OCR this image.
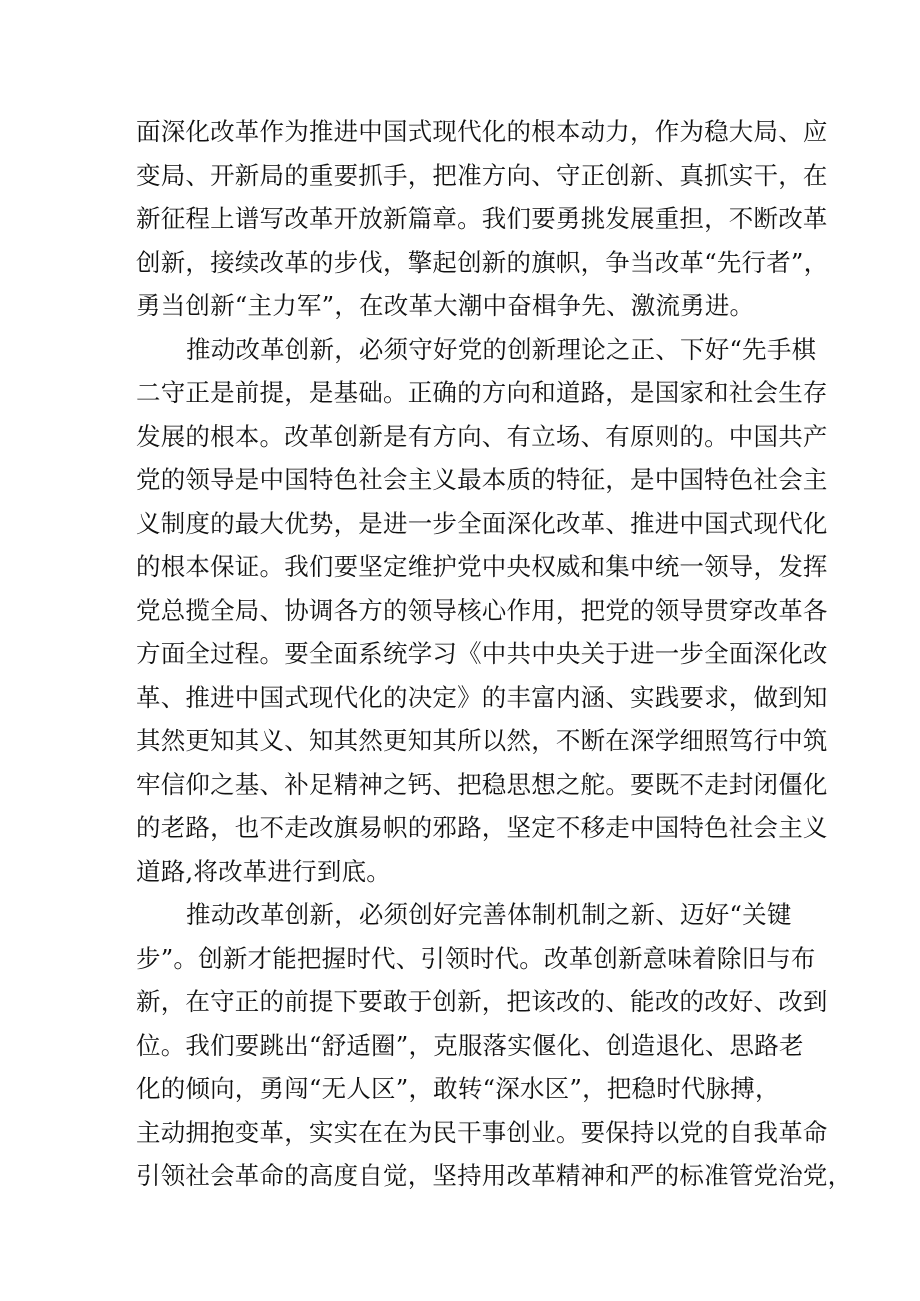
面深化改革作为推进中国式现代化的根本动力，作为稳大局、应
变局、开新局的重要抓手，把准方向、守正创新、真抓实干，在
新征程上谱写改革开放新篇章。我们要勇挑发展重担，不断改革
创新，接续改革的步伐，擎起创新的旗帜，争当改革“先行者”，
勇当创新“主力军”，在改革大潮中奋楫争先、激流勇进。
推动改革创新，必须守好党的创新理论之正、下好“先手棋
二守正是前提，是基础。正确的方向和道路，是国家和社会生存
发展的根本。改革创新是有方向、有立场、有原则的。中国共产
党的领导是中国特色社会主义最本质的特征，是中国特色社会主
义制度的最大优势，是进一步全面深化改革、推进中国式现代化
的根本保证。我们要坚定维护党中央权威和集中统一领导，发挥
党总揽全局、协调各方的领导核心作用，把党的领导贯穿改革各
方面全过程。要全面系统学习《中共中央关于进一步全面深化改
革、推进中国式现代化的决定》的丰富内涵、实践要求，做到知
其然更知其义、知其然更知其所以然，不断在深学细照笃行中筑
牢信仰之基、补足精神之钙、把稳思想之舵。要既不走封闭僵化
的老路，也不走改旗易帜的邪路，坚定不移走中国特色社会主义
道路,将改革进行到底。
推动改革创新，必须创好完善体制机制之新、迈好“关键
步”。创新才能把握时代、引领时代。改革创新意味着除旧与布
新，在守正的前提下要敢于创新，把该改的、能改的改好、改到
位。我们要跳出“舒适圈”，克服落实偃化、创造退化、思路老
化的倾向，勇闯“无人区”，敢转“深水区”，把稳时代脉搏，
主动拥抱变革，实实在在为民干事创业。要保持以党的自我革命
引领社会革命的高度自觉，坚持用改革精神和严的标准管党治党，
